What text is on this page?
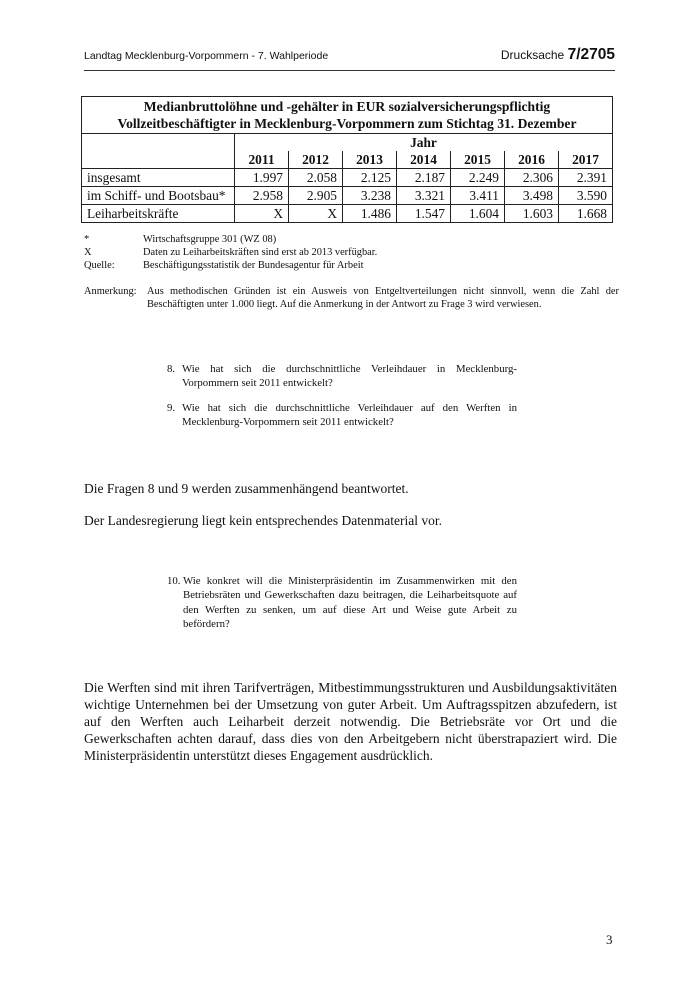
Landtag Mecklenburg-Vorpommern - 7. Wahlperiode	Drucksache 7/2705
Medianbruttolöhne und -gehälter in EUR sozialversicherungspflichtig
Vollzeitbeschäftigter in Mecklenburg-Vorpommern zum Stichtag 31. Dezember							

	Jahr						
	2011	2012	2013	2014	2015	2016	2017
insgesamt	1.997	2.058	2.125	2.187	2.249	2.306	2.391
im Schiff- und Bootsbau*	2.958	2.905	3.238	3.321	3.411	3.498	3.590
Leiharbeitskräfte	X	X	1.486	1.547	1.604	1.603	1.668
*	Wirtschaftsgruppe 301 (WZ 08)
X	Daten zu Leiharbeitskräften sind erst ab 2013 verfügbar.
Quelle:	Beschäftigungsstatistik der Bundesagentur für Arbeit
Anmerkung:	Aus methodischen Gründen ist ein Ausweis von Entgeltverteilungen nicht sinnvoll, wenn die Zahl der Beschäftigten unter 1.000 liegt. Auf die Anmerkung in der Antwort zu Frage 3 wird verwiesen.
8. Wie hat sich die durchschnittliche Verleihdauer in Mecklenburg-Vorpommern seit 2011 entwickelt?
9. Wie hat sich die durchschnittliche Verleihdauer auf den Werften in Mecklenburg-Vorpommern seit 2011 entwickelt?
Die Fragen 8 und 9 werden zusammenhängend beantwortet.
Der Landesregierung liegt kein entsprechendes Datenmaterial vor.
10. Wie konkret will die Ministerpräsidentin im Zusammenwirken mit den Betriebsräten und Gewerkschaften dazu beitragen, die Leiharbeitsquote auf den Werften zu senken, um auf diese Art und Weise gute Arbeit zu befördern?
Die Werften sind mit ihren Tarifverträgen, Mitbestimmungsstrukturen und Ausbildungsaktivitäten wichtige Unternehmen bei der Umsetzung von guter Arbeit. Um Auftragsspitzen abzufedern, ist auf den Werften auch Leiharbeit derzeit notwendig. Die Betriebsräte vor Ort und die Gewerkschaften achten darauf, dass dies von den Arbeitgebern nicht überstrapaziert wird. Die Ministerpräsidentin unterstützt dieses Engagement ausdrücklich.
3
